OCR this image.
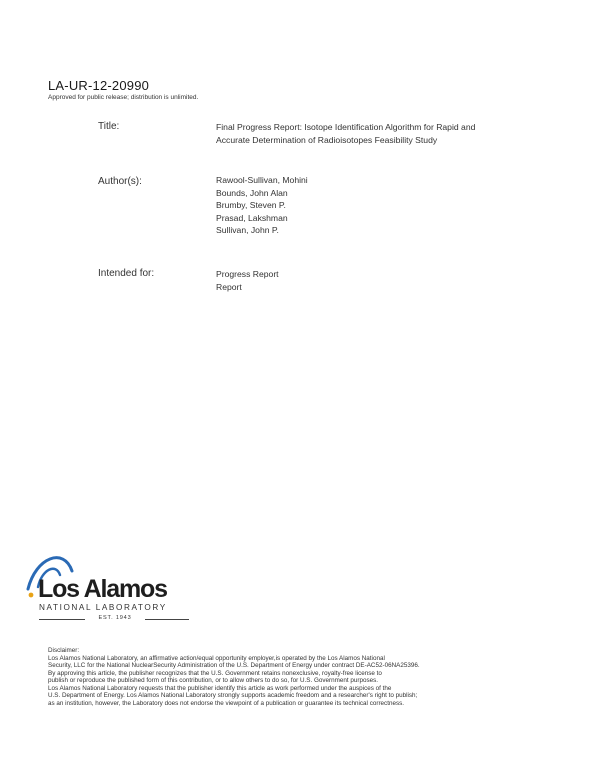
LA-UR-12-20990
Approved for public release; distribution is unlimited.
Title:	Final Progress Report: Isotope Identification Algorithm for Rapid and
Accurate Determination of Radioisotopes Feasibility Study
Author(s):	Rawool-Sullivan, Mohini
Bounds, John Alan
Brumby, Steven P.
Prasad, Lakshman
Sullivan, John P.
Intended for:	Progress Report
Report
Los Alamos
NATIONAL LABORATORY
EST. 1943
Disclaimer:
Los Alamos National Laboratory, an affirmative action/equal opportunity employer,is operated by the Los Alamos National
Security, LLC for the National NuclearSecurity Administration of the U.S. Department of Energy under contract DE-AC52-06NA25396.
By approving this article, the publisher recognizes that the U.S. Government retains nonexclusive, royalty-free license to
publish or reproduce the published form of this contribution, or to allow others to do so, for U.S. Government purposes.
Los Alamos National Laboratory requests that the publisher identify this article as work performed under the auspices of the
U.S. Department of Energy. Los Alamos National Laboratory strongly supports academic freedom and a researcher's right to publish;
as an institution, however, the Laboratory does not endorse the viewpoint of a publication or guarantee its technical correctness.
